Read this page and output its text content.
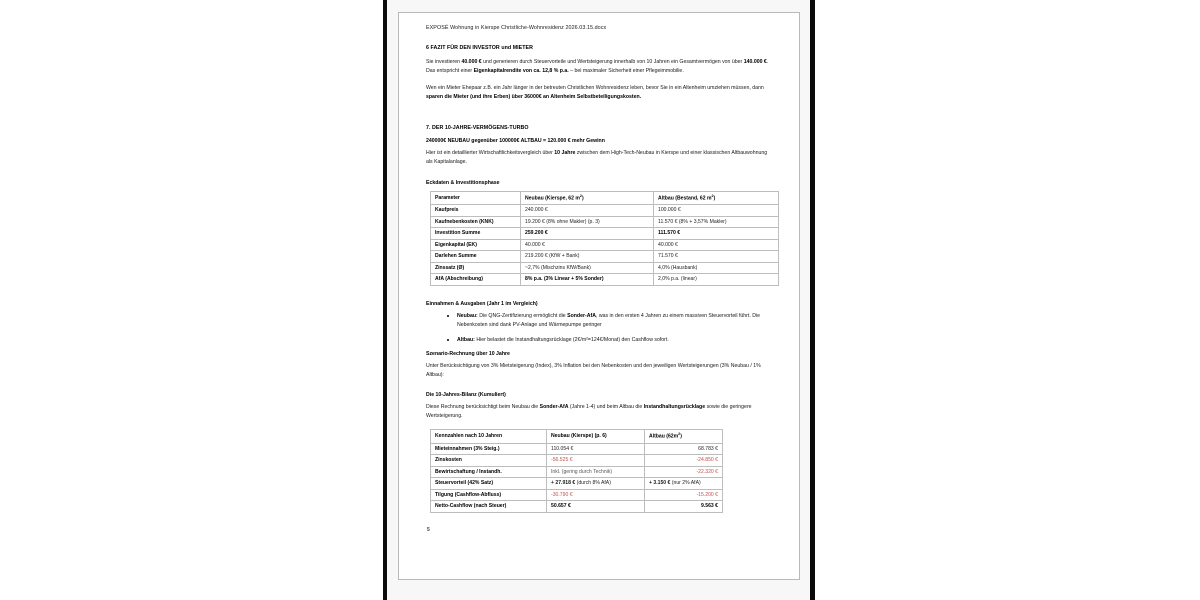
EXPOSÉ Wohnung in Kierspe Christliche-Wohnresidenz 2026.03.15.docx
6 FAZIT FÜR DEN INVESTOR und MIETER

Sie investieren 40.000 € und generieren durch Steuervorteile und Wertsteigerung innerhalb von 10 Jahren ein Gesamtvermögen von über 140.000 €. Das entspricht einer Eigenkapitalrendite von ca. 12,8 % p.a. – bei maximaler Sicherheit einer Pflegeimmobilie.

Wen ein Mieter Ehepaar z.B. ein Jahr länger in der betreuten Christlichen Wohnresidenz leben, bevor Sie in ein Altenheim umziehen müssen, dann sparen die Mieter (und ihre Erben) über 36000€ an Altenheim Selbstbeteiligungskosten.

7. DER 10-JAHRE-VERMÖGENS-TURBO
240000€ NEUBAU gegenüber 100000€ ALTBAU = 120.000 € mehr Gewinn

Hier ist ein detaillierter Wirtschaftlichkeitsvergleich über 10 Jahre zwischen dem High-Tech-Neubau in Kierspe und einer klassischen Altbauwohnung als Kapitalanlage.

Eckdaten & Investitionsphase
Parameter	Neubau (Kierspe, 62 $m^2$)	Altbau (Bestand, 62 $m^2$)
Kaufpreis	240.000 €	100.000 €
Kaufnebenkosten (KNK)	19.200 € (8% ohne Makler) (p. 3)	11.570 € (8% + 3,57% Makler)
Investition Summe	259.200 €	111.570 €
Eigenkapital (EK)	40.000 €	40.000 €
Darlehen Summe	219.200 € (KfW + Bank)	71.570 €
Zinssatz (Ø)	~2,7% (Mischzins KfW/Bank)	4,0% (Hausbank)
AfA (Abschreibung)	8% p.a. (3% Linear + 5% Sonder)	2,0% p.a. (linear)
Einnahmen & Ausgaben (Jahr 1 im Vergleich)
Neubau: Die QNG-Zertifizierung ermöglicht die Sonder-AfA, was in den ersten 4 Jahren zu einem massiven Steuervorteil führt. Die Nebenkosten sind dank PV-Anlage und Wärmepumpe geringer
Altbau: Hier belastet die Instandhaltungsrücklage (2€/m²=124€/Monat) den Cashflow sofort.
Szenario-Rechnung über 10 Jahre

Unter Berücksichtigung von 3% Mietsteigerung (Index), 3% Inflation bei den Nebenkosten und den jeweiligen Wertsteigerungen (3% Neubau / 1% Altbau):

Die 10-Jahres-Bilanz (Kumuliert)

Diese Rechnung berücksichtigt beim Neubau die Sonder-AfA (Jahre 1-4) und beim Altbau die Instandhaltungsrücklage sowie die geringere Wertsteigerung.

Kennzahlen nach 10 Jahren	Neubau (Kierspe) (p. 6)	Altbau $(62m^2)$
Mieteinnahmen (3% Steig.)	110.054 €	68.783 €
Zinskosten	-56.525 €	-24.850 €
Bewirtschaftung / Instandh.	Inkl. (gering durch Technik)	-22.320 €
Steuervorteil (42% Satz)	+ 27.918 € (durch 8% AfA)	+ 3.150 € (nur 2% AfA)
Tilgung (Cashflow-Abfluss)	-30.790 €	-15.200 €
Netto-Cashflow (nach Steuer)	50.657 €	9.563 €
5
